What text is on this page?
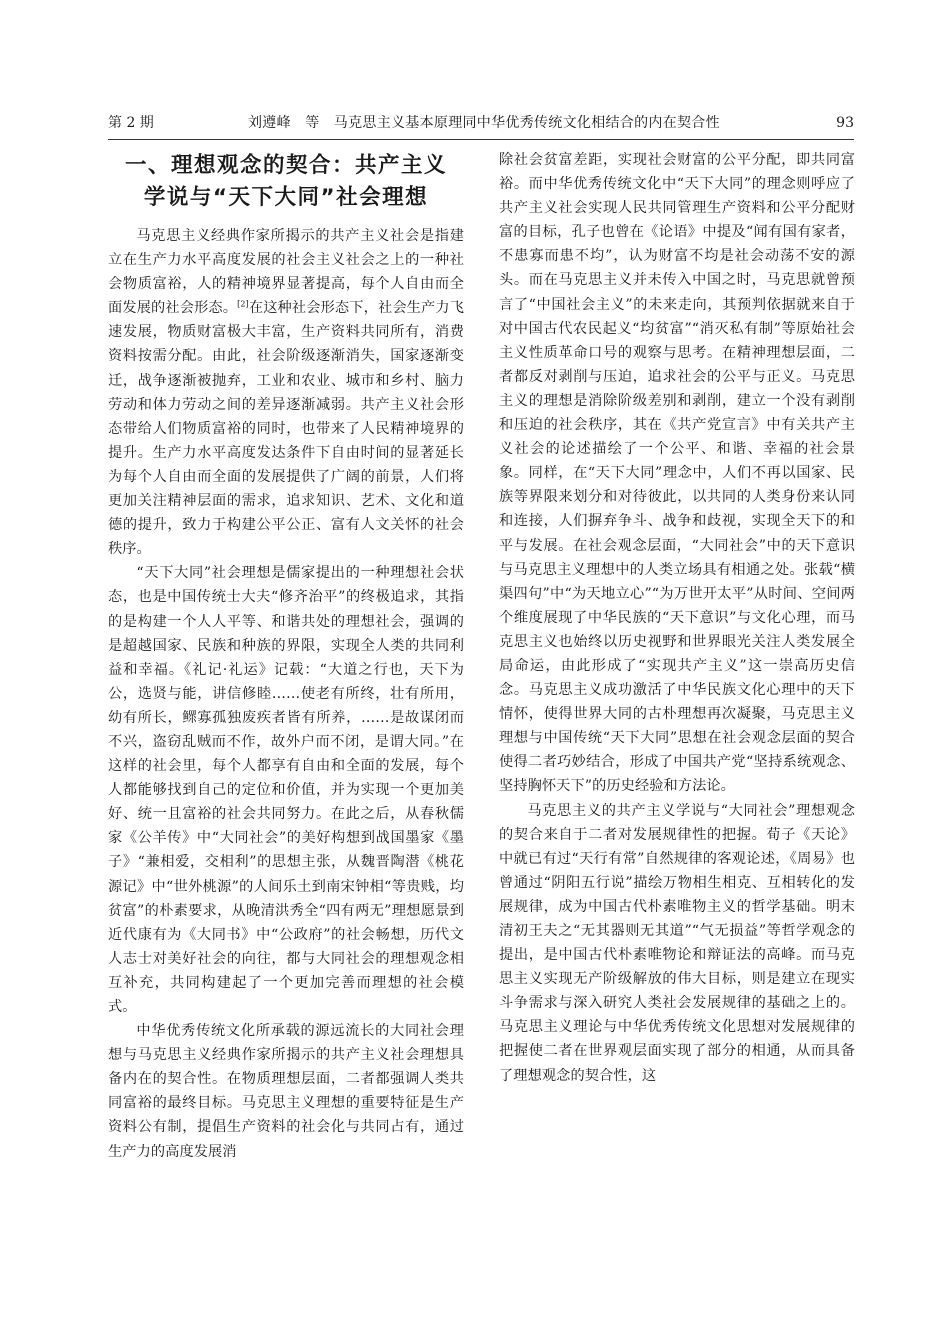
第 2 期	刘遵峰　等　马克思主义基本原理同中华优秀传统文化相结合的内在契合性	93
一、理想观念的契合：共产主义
学说与“天下大同”社会理想

马克思主义经典作家所揭示的共产主义社会是指建立在生产力水平高度发展的社会主义社会之上的一种社会物质富裕，人的精神境界显著提高，每个人自由而全面发展的社会形态。[2]在这种社会形态下，社会生产力飞速发展，物质财富极大丰富，生产资料共同所有，消费资料按需分配。由此，社会阶级逐渐消失，国家逐渐变迁，战争逐渐被抛弃，工业和农业、城市和乡村、脑力劳动和体力劳动之间的差异逐渐减弱。共产主义社会形态带给人们物质富裕的同时，也带来了人民精神境界的提升。生产力水平高度发达条件下自由时间的显著延长为每个人自由而全面的发展提供了广阔的前景，人们将更加关注精神层面的需求，追求知识、艺术、文化和道德的提升，致力于构建公平公正、富有人文关怀的社会秩序。

“天下大同”社会理想是儒家提出的一种理想社会状态，也是中国传统士大夫“修齐治平”的终极追求，其指的是构建一个人人平等、和谐共处的理想社会，强调的是超越国家、民族和种族的界限，实现全人类的共同利益和幸福。《礼记·礼运》记载：“大道之行也，天下为公，选贤与能，讲信修睦……使老有所终，壮有所用，幼有所长，鳏寡孤独废疾者皆有所养，……是故谋闭而不兴，盗窃乱贼而不作，故外户而不闭，是谓大同。”在这样的社会里，每个人都享有自由和全面的发展，每个人都能够找到自己的定位和价值，并为实现一个更加美好、统一且富裕的社会共同努力。在此之后，从春秋儒家《公羊传》中“大同社会”的美好构想到战国墨家《墨子》“兼相爱，交相利”的思想主张，从魏晋陶潜《桃花源记》中“世外桃源”的人间乐土到南宋钟相“等贵贱，均贫富”的朴素要求，从晚清洪秀全“四有两无”理想愿景到近代康有为《大同书》中“公政府”的社会畅想，历代文人志士对美好社会的向往，都与大同社会的理想观念相互补充，共同构建起了一个更加完善而理想的社会模式。

中华优秀传统文化所承载的源远流长的大同社会理想与马克思主义经典作家所揭示的共产主义社会理想具备内在的契合性。在物质理想层面，二者都强调人类共同富裕的最终目标。马克思主义理想的重要特征是生产资料公有制，提倡生产资料的社会化与共同占有，通过生产力的高度发展消

除社会贫富差距，实现社会财富的公平分配，即共同富裕。而中华优秀传统文化中“天下大同”的理念则呼应了共产主义社会实现人民共同管理生产资料和公平分配财富的目标，孔子也曾在《论语》中提及“闻有国有家者，不患寡而患不均”，认为财富不均是社会动荡不安的源头。而在马克思主义并未传入中国之时，马克思就曾预言了“中国社会主义”的未来走向，其预判依据就来自于对中国古代农民起义“均贫富”“消灭私有制”等原始社会主义性质革命口号的观察与思考。在精神理想层面，二者都反对剥削与压迫，追求社会的公平与正义。马克思主义的理想是消除阶级差别和剥削，建立一个没有剥削和压迫的社会秩序，其在《共产党宣言》中有关共产主义社会的论述描绘了一个公平、和谐、幸福的社会景象。同样，在“天下大同”理念中，人们不再以国家、民族等界限来划分和对待彼此，以共同的人类身份来认同和连接，人们摒弃争斗、战争和歧视，实现全天下的和平与发展。在社会观念层面，“大同社会”中的天下意识与马克思主义理想中的人类立场具有相通之处。张载“横渠四句”中“为天地立心”“为万世开太平”从时间、空间两个维度展现了中华民族的“天下意识”与文化心理，而马克思主义也始终以历史视野和世界眼光关注人类发展全局命运，由此形成了“实现共产主义”这一崇高历史信念。马克思主义成功激活了中华民族文化心理中的天下情怀，使得世界大同的古朴理想再次凝聚，马克思主义理想与中国传统“天下大同”思想在社会观念层面的契合使得二者巧妙结合，形成了中国共产党“坚持系统观念、坚持胸怀天下”的历史经验和方法论。

马克思主义的共产主义学说与“大同社会”理想观念的契合来自于二者对发展规律性的把握。荀子《天论》中就已有过“天行有常”自然规律的客观论述，《周易》也曾通过“阴阳五行说”描绘万物相生相克、互相转化的发展规律，成为中国古代朴素唯物主义的哲学基础。明末清初王夫之“无其器则无其道”“气无损益”等哲学观念的提出，是中国古代朴素唯物论和辩证法的高峰。而马克思主义实现无产阶级解放的伟大目标，则是建立在现实斗争需求与深入研究人类社会发展规律的基础之上的。马克思主义理论与中华优秀传统文化思想对发展规律的把握使二者在世界观层面实现了部分的相通，从而具备了理想观念的契合性，这
